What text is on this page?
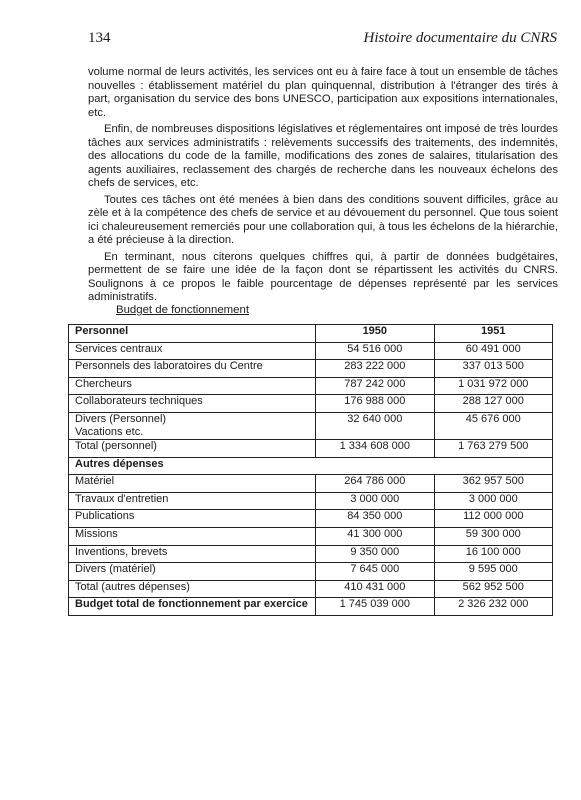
134	Histoire documentaire du CNRS

volume normal de leurs activités, les services ont eu à faire face à tout un ensemble de tâches nouvelles : établissement matériel du plan quinquennal, distribution à l'étranger des tirés à part, organisation du service des bons UNESCO, participation aux expositions internationales, etc.

Enfin, de nombreuses dispositions législatives et réglementaires ont imposé de très lourdes tâches aux services administratifs : relèvements successifs des traitements, des indemnités, des allocations du code de la famille, modifications des zones de salaires, titularisation des agents auxiliaires, reclassement des chargés de recherche dans les nouveaux échelons des chefs de services, etc.

Toutes ces tâches ont été menées à bien dans des conditions souvent difficiles, grâce au zèle et à la compétence des chefs de service et au dévouement du personnel. Que tous soient ici chaleureusement remerciés pour une collaboration qui, à tous les échelons de la hiérarchie, a été précieuse à la direction.

En terminant, nous citerons quelques chiffres qui, à partir de données budgétaires, permettent de se faire une idée de la façon dont se répartissent les activités du CNRS. Soulignons à ce propos le faible pourcentage de dépenses représenté par les services administratifs.

Budget de fonctionnement
Personnel	1950	1951
Services centraux	54 516 000	60 491 000
Personnels des laboratoires du Centre	283 222 000	337 013 500
Chercheurs	787 242 000	1 031 972 000
Collaborateurs techniques	176 988 000	288 127 000

Divers (Personnel)
Vacations etc.	32 640 000	45 676 000
Total (personnel)	1 334 608 000	1 763 279 500
Autres dépenses		
Matériel	264 786 000	362 957 500
Travaux d'entretien	3 000 000	3 000 000
Publications	84 350 000	112 000 000
Missions	41 300 000	59 300 000
Inventions, brevets	9 350 000	16 100 000
Divers (matériel)	7 645 000	9 595 000
Total (autres dépenses)	410 431 000	562 952 500
Budget total de fonctionnement par exercice	1 745 039 000	2 326 232 000
